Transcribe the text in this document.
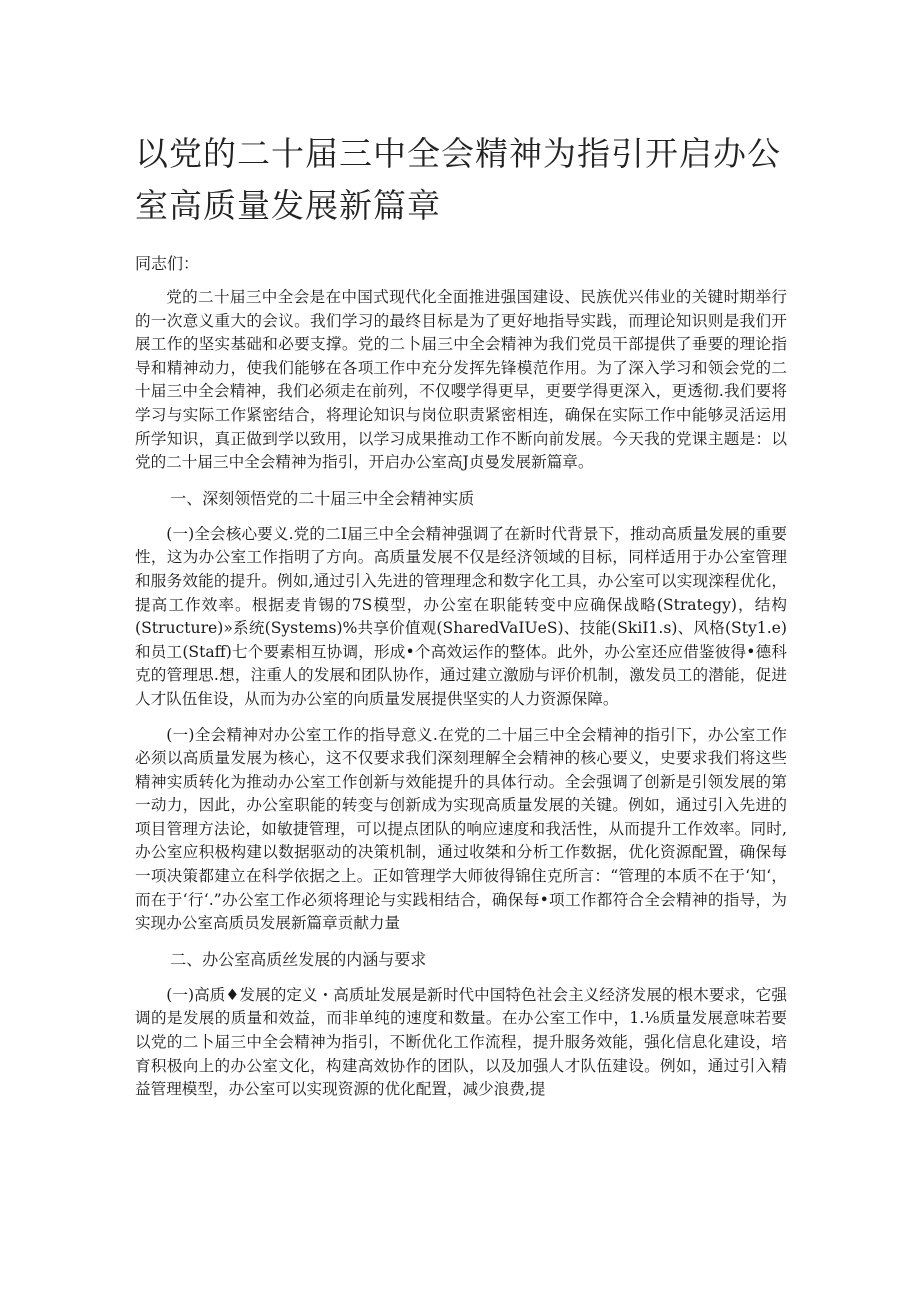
以党的二十届三中全会精神为指引开启办公室高质量发展新篇章

同志们：

党的二十届三中全会是在中国式现代化全面推进强国建设、民族优兴伟业的关键时期举行的一次意义重大的会议。我们学习的最终目标是为了更好地指导实践，而理论知识则是我们开展工作的坚实基础和必要支撑。党的二卜届三中全会精神为我们党员干部提供了垂要的理论指导和精神动力，使我们能够在各项工作中充分发挥先锋模范作用。为了深入学习和领会党的二十届三中全会精神，我们必须走在前列，不仅嘤学得更早，更要学得更深入，更透彻.我们要将学习与实际工作紧密结合，将理论知识与岗位职责紧密相连，确保在实际工作中能够灵活运用所学知识，真正做到学以致用，以学习成果推动工作不断向前发展。今天我的党课主题是：以党的二十届三中全会精神为指引，开启办公室高J贞曼发展新篇章。

一、深刻领悟党的二十届三中全会精神实质

(一)全会核心要义.党的二I届三中全会精神强调了在新时代背景下，推动高质量发展的重要性，这为办公室工作指明了方向。高质量发展不仅是经济领域的目标，同样适用于办公室管理和服务效能的提升。例如,通过引入先进的管理理念和数字化工具，办公室可以实现滦程优化，提高工作效率。根据麦肯锡的7S模型，办公室在职能转变中应确保战略(Strategy)，结构(Structure)»系统(Systems)%共享价值观(SharedVaIUeS)、技能(SkiI1.s)、风格(Sty1.e)和员工(Staff)七个要素相互协调，形成•个高效运作的整体。此外，办公室还应借鉴彼得•德科克的管理思.想，注重人的发展和团队协作，通过建立激励与评价机制，激发员工的潜能，促进人才队伍隹设，从而为办公室的向质量发展提供坚实的人力资源保障。

(一)全会精神对办公室工作的指导意义.在党的二十届三中全会精神的指引下，办公室工作必须以高质量发展为核心，这不仅要求我们深刻理解全会精神的核心要义，史要求我们将这些精神实质转化为推动办公室工作创新与效能提升的具体行动。全会强调了创新是引领发展的第一动力，因此，办公室职能的转变与创新成为实现高质量发展的关键。例如，通过引入先进的项目管理方法论，如敏捷管理，可以提点团队的响应速度和我活性，从而提升工作效率。同时,办公室应积极构建以数据驱动的决策机制，通过收桀和分析工作数据，优化资源配置，确保每一项决策都建立在科学依据之上。正如管理学大师彼得锦住克所言：“管理的本质不在于‘知‘，而在于‘行‘.”办公室工作必须将理论与实践相结合，确保每•项工作都符合全会精神的指导，为实现办公室高质员发展新篇章贡献力量

二、办公室高质丝发展的内涵与要求

(一)高质♦发展的定义・高质址发展是新时代中国特色社会主义经济发展的根木要求，它强调的是发展的质量和效益，而非单纯的速度和数量。在办公室工作中，1.⅛质量发展意味若要以党的二卜届三中全会精神为指引，不断优化工作流程，提升服务效能，强化信息化建设，培育积极向上的办公室文化，构建高效协作的团队，以及加强人才队伍建设。例如，通过引入精益管理模型，办公室可以实现资源的优化配置，减少浪费,提
